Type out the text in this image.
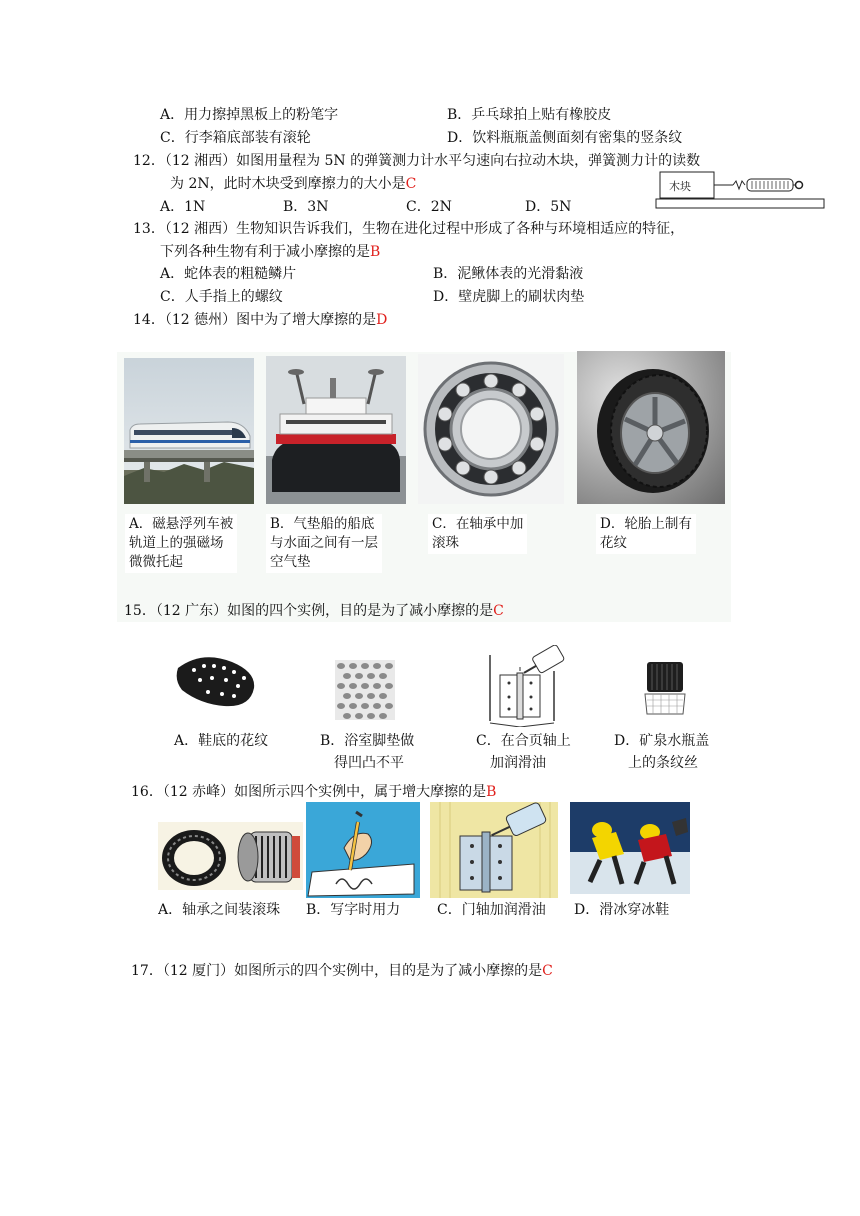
A．用力擦掉黑板上的粉笔字	B．乒乓球拍上贴有橡胶皮
C．行李箱底部装有滚轮	D．饮料瓶瓶盖侧面刻有密集的竖条纹
12．（12 湘西）如图用量程为 5N 的弹簧测力计水平匀速向右拉动木块，弹簧测力计的读数
为 2N，此时木块受到摩擦力的大小是C
A．1N	B．3N	C．2N	D．5N
木块
13．（12 湘西）生物知识告诉我们，生物在进化过程中形成了各种与环境相适应的特征，
下列各种生物有利于减小摩擦的是B
A．蛇体表的粗糙鳞片	B．泥鳅体表的光滑黏液
C．人手指上的螺纹	D．壁虎脚上的刷状肉垫
14．（12 德州）图中为了增大摩擦的是D
A．磁悬浮列车被
轨道上的强磁场
微微托起
B．气垫船的船底
与水面之间有一层
空气垫
C．在轴承中加
滚珠
D．轮胎上制有
花纹
15．（12 广东）如图的四个实例，目的是为了减小摩擦的是C
A．鞋底的花纹	B．浴室脚垫做
得凹凸不平
C．在合页轴上
加润滑油
D．矿泉水瓶盖
上的条纹丝
16．（12 赤峰）如图所示四个实例中，属于增大摩擦的是B
A．轴承之间装滚珠 B．写字时用力	C．门轴加润滑油 D．滑冰穿冰鞋
17．（12 厦门）如图所示的四个实例中，目的是为了减小摩擦的是C
